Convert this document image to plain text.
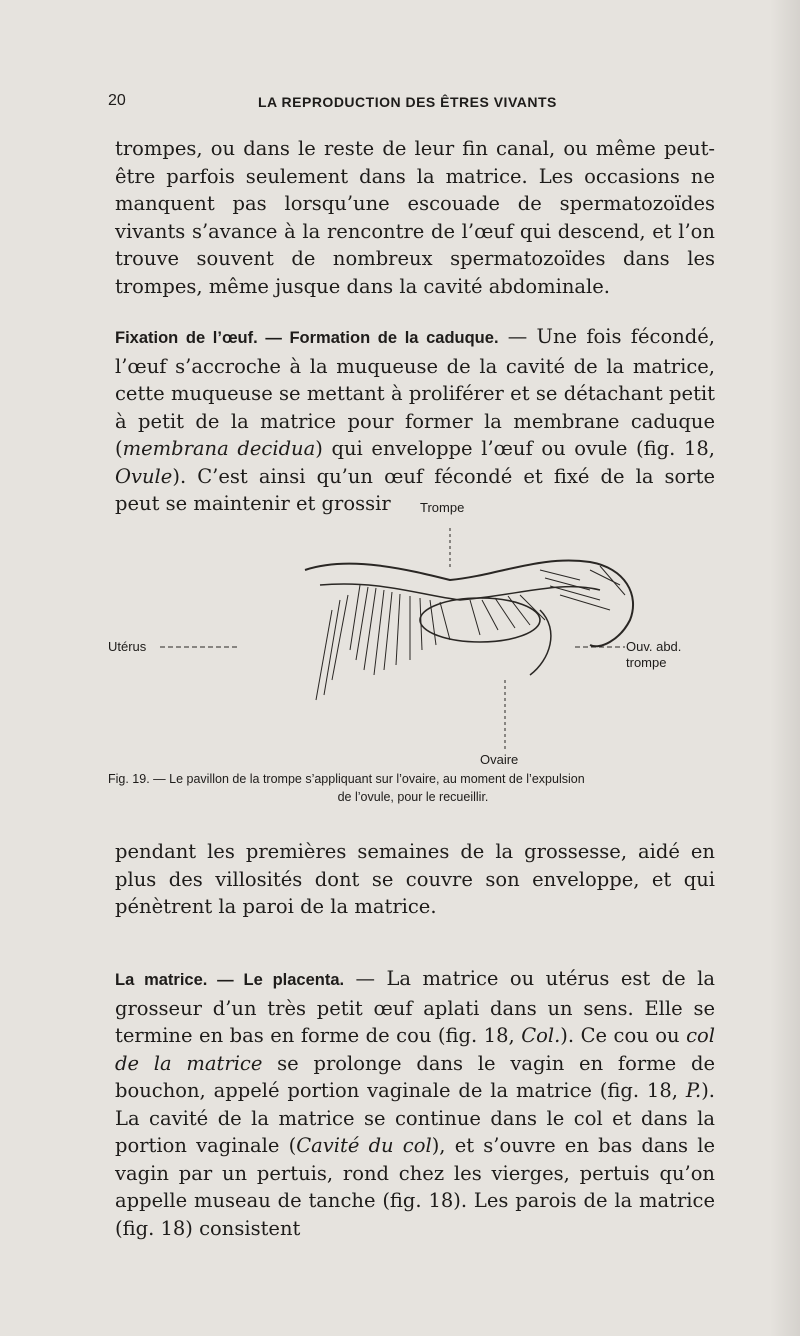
20	LA REPRODUCTION DES ÊTRES VIVANTS

trompes, ou dans le reste de leur fin canal, ou même peut-être parfois seulement dans la matrice. Les occasions ne manquent pas lorsqu’une escouade de spermatozoïdes vivants s’avance à la rencontre de l’œuf qui descend, et l’on trouve souvent de nombreux spermatozoïdes dans les trompes, même jusque dans la cavité abdominale.

Fixation de l’œuf. — Formation de la caduque. — Une fois fécondé, l’œuf s’accroche à la muqueuse de la cavité de la matrice, cette muqueuse se mettant à proliférer et se détachant petit à petit de la matrice pour former la membrane caduque (membrana decidua) qui enveloppe l’œuf ou ovule (fig. 18, Ovule). C’est ainsi qu’un œuf fécondé et fixé de la sorte peut se maintenir et grossir	Trompe
Utérus	Ouv. abd.
trompe
Ovaire
Fig. 19. — Le pavillon de la trompe s’appliquant sur l’ovaire, au moment de l’expulsion
de l’ovule, pour le recueillir.

pendant les premières semaines de la grossesse, aidé en plus des villosités dont se couvre son enveloppe, et qui pénètrent la paroi de la matrice.

La matrice. — Le placenta. — La matrice ou utérus est de la grosseur d’un très petit œuf aplati dans un sens. Elle se termine en bas en forme de cou (fig. 18, Col.). Ce cou ou col de la matrice se prolonge dans le vagin en forme de bouchon, appelé portion vaginale de la matrice (fig. 18, P.). La cavité de la matrice se continue dans le col et dans la portion vaginale (Cavité du col), et s’ouvre en bas dans le vagin par un pertuis, rond chez les vierges, pertuis qu’on appelle museau de tanche (fig. 18). Les parois de la matrice (fig. 18) consistent
